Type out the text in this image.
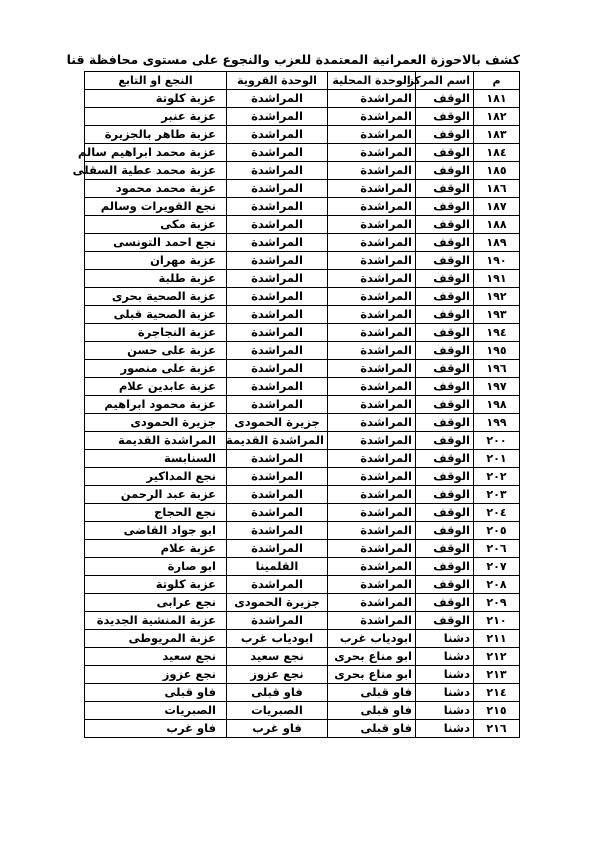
كشف بالاحوزة العمرانية المعتمدة للعزب والنجوع على مستوى محافظة قنا
م	اسم المركز	الوحدة المحلية	الوحدة القروية	النجع او التابع
١٨١	الوقف	المراشدة	المراشدة	عزبة كلوتة
١٨٢	الوقف	المراشدة	المراشدة	عزبة عنبر
١٨٣	الوقف	المراشدة	المراشدة	عزبة طاهر بالجزيرة
١٨٤	الوقف	المراشدة	المراشدة	عزبة محمد ابراهيم سالم
١٨٥	الوقف	المراشدة	المراشدة	عزبة محمد عطية السقلى
١٨٦	الوقف	المراشدة	المراشدة	عزبة محمد محمود
١٨٧	الوقف	المراشدة	المراشدة	نجع القويرات وسالم
١٨٨	الوقف	المراشدة	المراشدة	عزبة مكى
١٨٩	الوقف	المراشدة	المراشدة	نجع احمد التونسى
١٩٠	الوقف	المراشدة	المراشدة	عزبة مهران
١٩١	الوقف	المراشدة	المراشدة	عزبة طلبة
١٩٢	الوقف	المراشدة	المراشدة	عزبة الصحية بحرى
١٩٣	الوقف	المراشدة	المراشدة	عزبة الصحية قبلى
١٩٤	الوقف	المراشدة	المراشدة	عزبة النجاجرة
١٩٥	الوقف	المراشدة	المراشدة	عزبة على حسن
١٩٦	الوقف	المراشدة	المراشدة	عزبة على منصور
١٩٧	الوقف	المراشدة	المراشدة	عزبة عابدين علام
١٩٨	الوقف	المراشدة	المراشدة	عزبة محمود ابراهيم
١٩٩	الوقف	المراشدة	جزيرة الحمودى	جزيرة الحمودى
٢٠٠	الوقف	المراشدة	المراشدة القديمة	المراشدة القديمة
٢٠١	الوقف	المراشدة	المراشدة	السنابسة
٢٠٢	الوقف	المراشدة	المراشدة	نجع المداكير
٢٠٣	الوقف	المراشدة	المراشدة	عزبة عبد الرحمن
٢٠٤	الوقف	المراشدة	المراشدة	نجع الحجاج
٢٠٥	الوقف	المراشدة	المراشدة	ابو جواد القاضى
٢٠٦	الوقف	المراشدة	المراشدة	عزبة علام
٢٠٧	الوقف	المراشدة	القلمينا	ابو صارة
٢٠٨	الوقف	المراشدة	المراشدة	عزبة كلوتة
٢٠٩	الوقف	المراشدة	جزيرة الحمودى	نجع عرابى
٢١٠	الوقف	المراشدة	المراشدة	عزبة المنشية الجديدة
٢١١	دشنا	ابودياب غرب	ابودياب غرب	عزبة المريوطى
٢١٢	دشنا	ابو مناع بحرى	نجع سعيد	نجع سعيد
٢١٣	دشنا	ابو مناع بحرى	نجع عزوز	نجع عزوز
٢١٤	دشنا	فاو قبلى	فاو قبلى	فاو قبلى
٢١٥	دشنا	فاو قبلى	الصبريات	الصبريات
٢١٦	دشنا	فاو قبلى	فاو غرب	فاو غرب
